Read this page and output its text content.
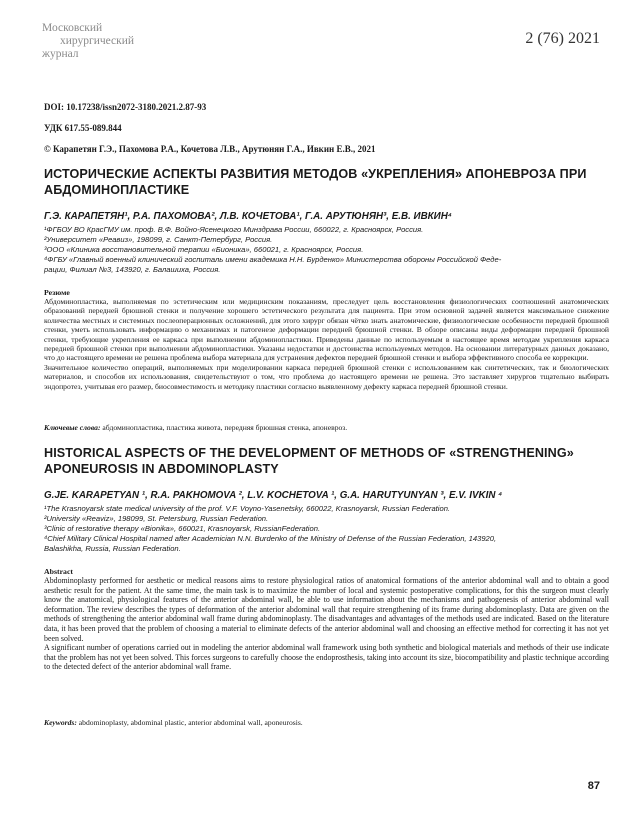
Московский
хирургический
журнал
2 (76) 2021
DOI: 10.17238/issn2072-3180.2021.2.87-93
УДК 617.55-089.844
© Карапетян Г.Э., Пахомова Р.А., Кочетова Л.В., Арутюнян Г.А., Ивкин Е.В., 2021
ИСТОРИЧЕСКИЕ АСПЕКТЫ РАЗВИТИЯ МЕТОДОВ «УКРЕПЛЕНИЯ» АПОНЕВРОЗА ПРИ
АБДОМИНОПЛАСТИКЕ
Г.Э. КАРАПЕТЯН¹, Р.А. ПАХОМОВА², Л.В. КОЧЕТОВА¹, Г.А. АРУТЮНЯН³, Е.В. ИВКИН⁴
¹ФГБОУ ВО КрасГМУ им. проф. В.Ф. Войно-Ясенецкого Минздрава России, 660022, г. Красноярск, Россия.
²Университет «Реавиз», 198099, г. Санкт-Петербург, Россия.
³ООО «Клиника восстановительной терапии «Бионика», 660021, г. Красноярск, Россия.
⁴ФГБУ «Главный военный клинический госпиталь имени академика Н.Н. Бурденко» Министерства обороны Российской Феде-
рации, Филиал №3, 143920, г. Балашиха, Россия.
Резюме

Абдоминопластика, выполняемая по эстетическим или медицинским показаниям, преследует цель восстановления физиологических соотношений анатомических образований передней брюшной стенки и получение хорошего эстетического результата для пациента. При этом основной задачей является максимальное снижение количества местных и системных послеоперационных осложнений, для этого хирург обязан чётко знать анатомические, физиологические особенности передней брюшной стенки, уметь использовать информацию о механизмах и патогенезе деформации передней брюшной стенки. В обзоре описаны виды деформации передней брюшной стенки, требующие укрепления ее каркаса при выполнении абдоминопластики. Приведены данные по используемым в настоящее время методам укрепления каркаса передней брюшной стенки при выполнении абдоминопластики. Указаны недостатки и достоинства используемых методов. На основании литературных данных доказано, что до настоящего времени не решена проблема выбора материала для устранения дефектов передней брюшной стенки и выбора эффективного способа ее коррекции.

Значительное количество операций, выполняемых при моделировании каркаса передней брюшной стенки с использованием как синтетических, так и биологических материалов, и способов их использования, свидетельствуют о том, что проблема до настоящего времени не решена. Это заставляет хирургов тщательно выбирать эндопротез, учитывая его размер, биосовместимость и методику пластики согласно выявленному дефекту каркаса передней брюшной стенки.

Ключевые слова: абдоминопластика, пластика живота, передняя брюшная стенка, апоневроз.
HISTORICAL ASPECTS OF THE DEVELOPMENT OF METHODS OF «STRENGTHENING»
APONEUROSIS IN ABDOMINOPLASTY
G.JE. KARAPETYAN ¹, R.A. PAKHOMOVA ², L.V. KOCHETOVA ¹, G.A. HARUTYUNYAN ³, E.V. IVKIN ⁴
¹The Krasnoyarsk state medical university of the prof. V.F. Voyno-Yasenetsky, 660022, Krasnoyarsk, Russian Federation.
²University «Reaviz», 198099, St. Petersburg, Russian Federation.
³Clinic of restorative therapy «Bionika», 660021, Krasnoyarsk, RussianFederation.
⁴Chief Military Clinical Hospital named after Academician N.N. Burdenko of the Ministry of Defense of the Russian Federation, 143920,
Balashikha, Russia, Russian Federation.
Abstract

Abdominoplasty performed for aesthetic or medical reasons aims to restore physiological ratios of anatomical formations of the anterior abdominal wall and to obtain a good aesthetic result for the patient. At the same time, the main task is to maximize the number of local and systemic postoperative complications, for this the surgeon must clearly know the anatomical, physiological features of the anterior abdominal wall, be able to use information about the mechanisms and pathogenesis of anterior abdominal wall deformation. The review describes the types of deformation of the anterior abdominal wall that require strengthening of its frame during abdominoplasty. Data are given on the methods of strengthening the anterior abdominal wall frame during abdominoplasty. The disadvantages and advantages of the methods used are indicated. Based on the literature data, it has been proved that the problem of choosing a material to eliminate defects of the anterior abdominal wall and choosing an effective method for correcting it has not yet been solved.

A significant number of operations carried out in modeling the anterior abdominal wall framework using both synthetic and biological materials and methods of their use indicate that the problem has not yet been solved. This forces surgeons to carefully choose the endoprosthesis, taking into account its size, biocompatibility and plastic technique according to the detected defect of the anterior abdominal wall frame.

Keywords: abdominoplasty, abdominal plastic, anterior abdominal wall, aponeurosis.
87
